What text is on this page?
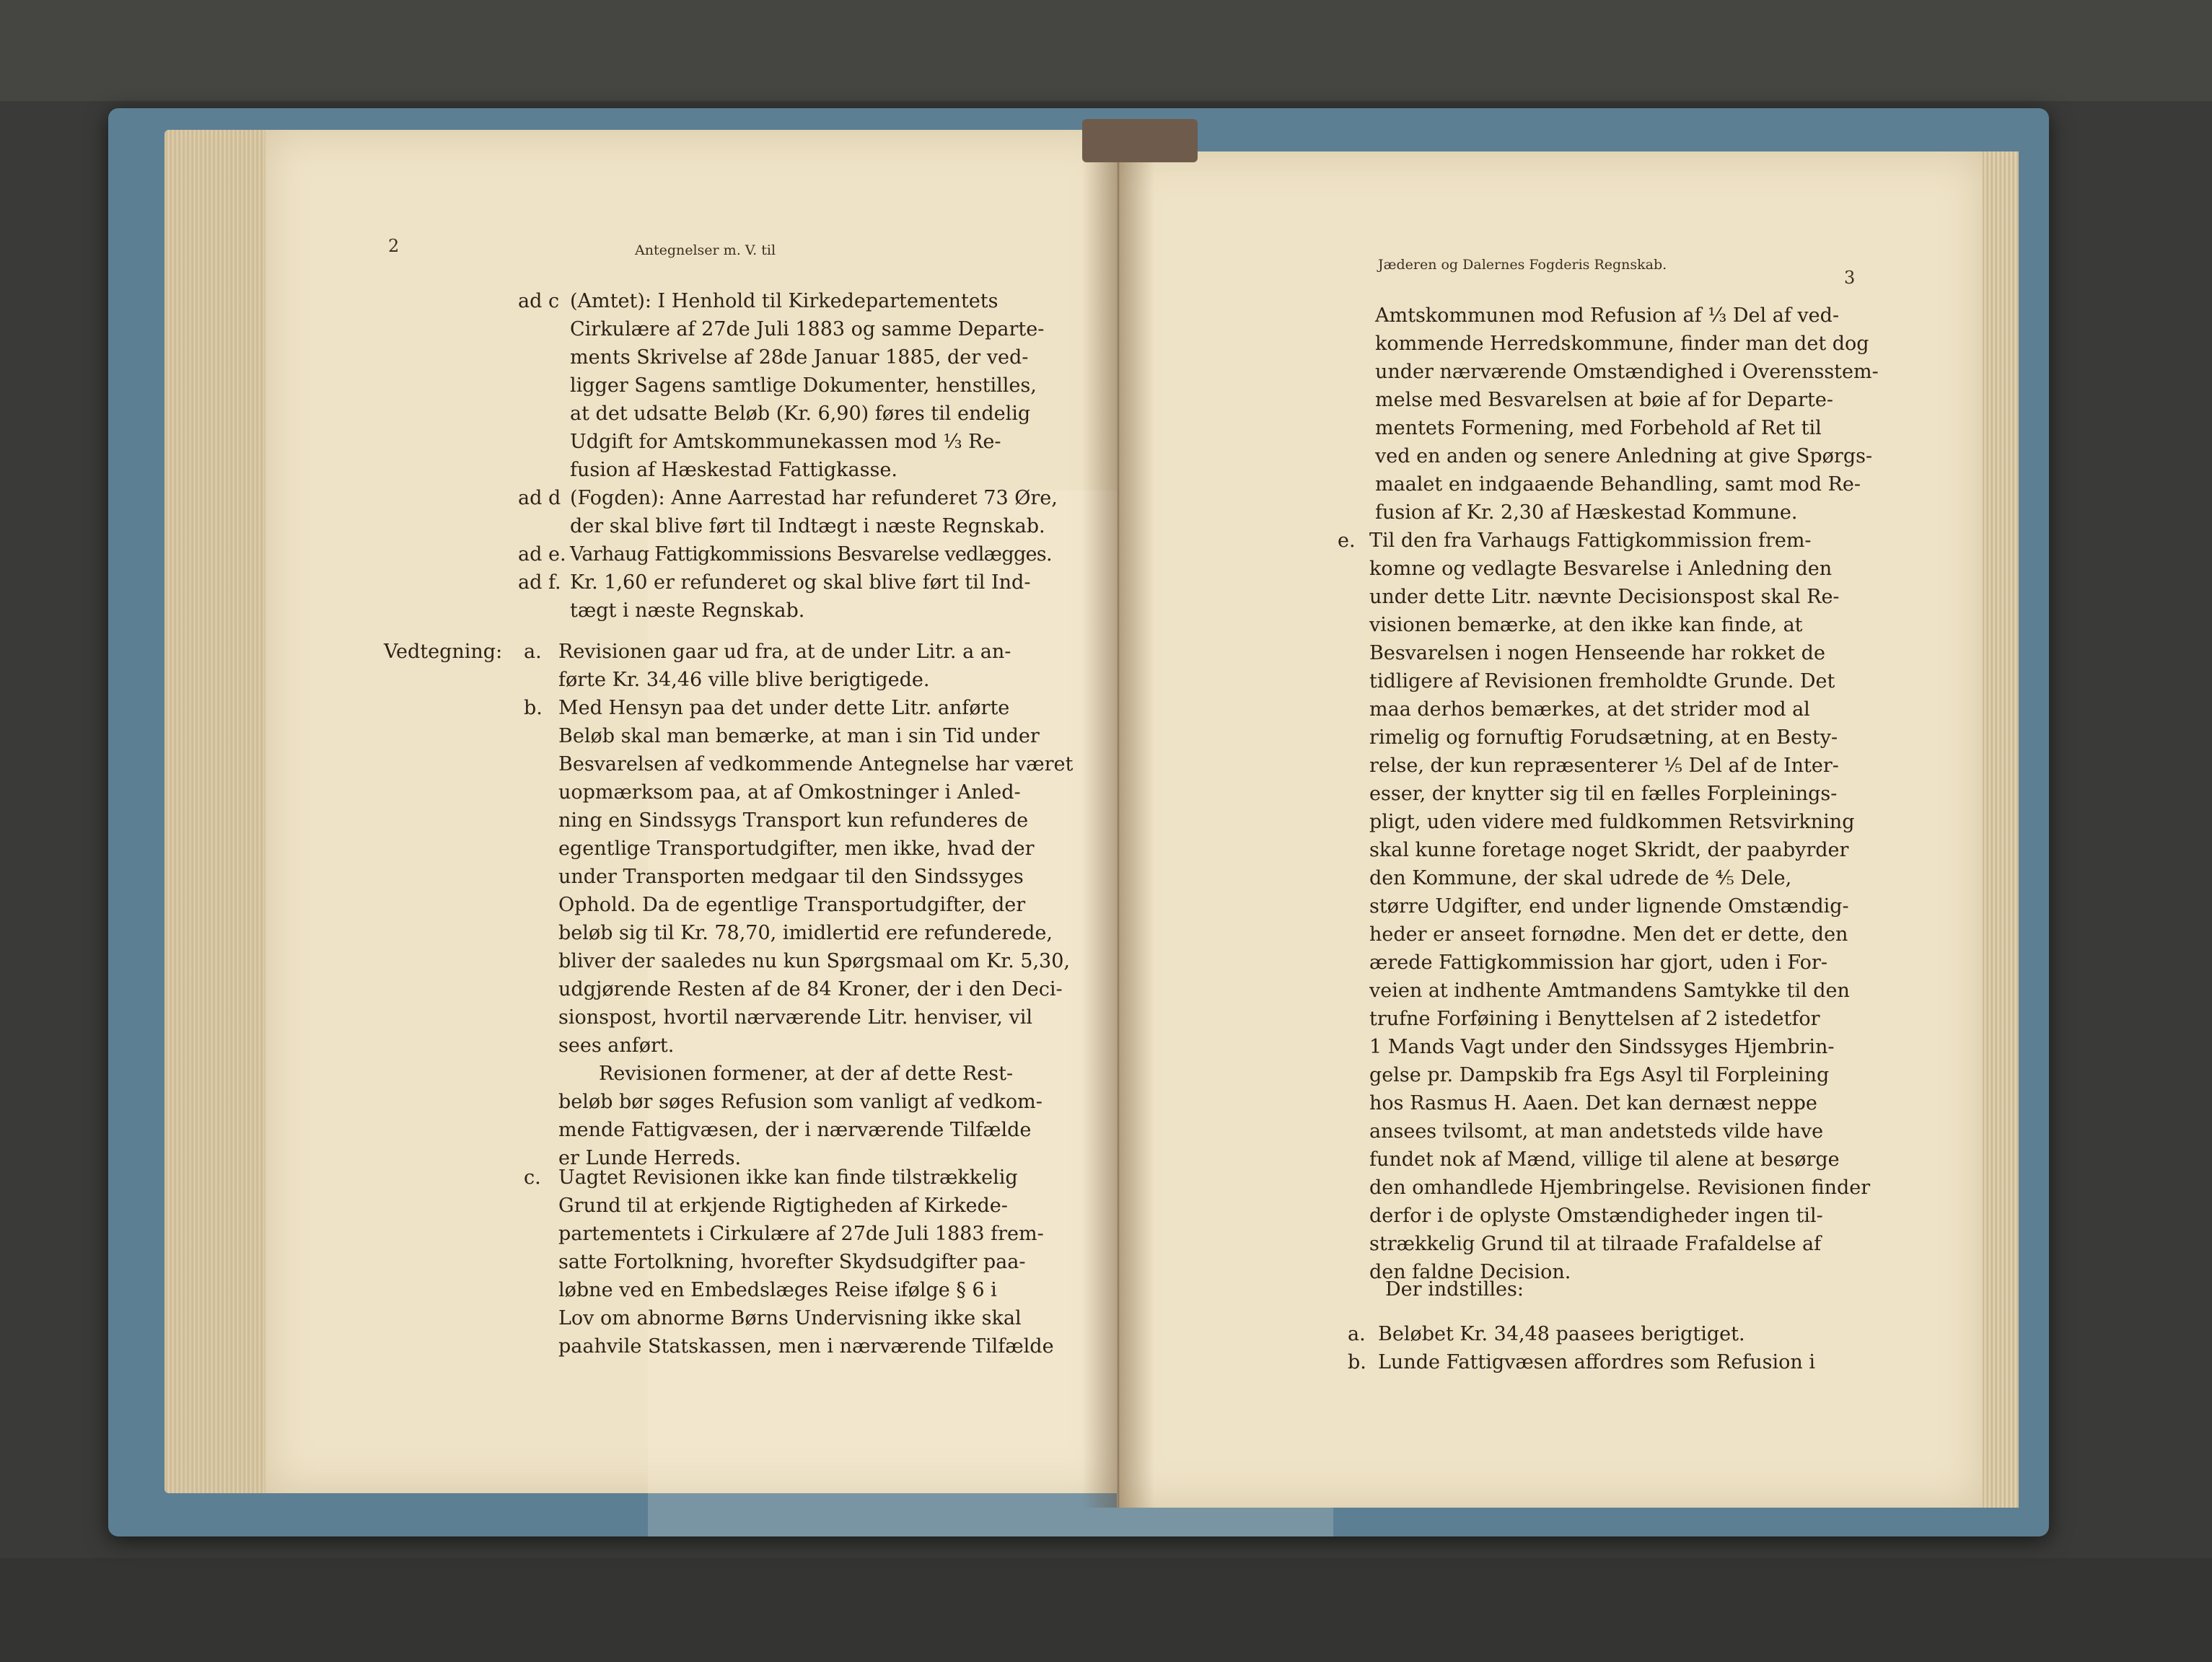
2	Antegnelser m. V. til
ad c (Amtet): I Henhold til Kirkedepartementets
Cirkulære af 27de Juli 1883 og samme Departe-
ments Skrivelse af 28de Januar 1885, der ved-
ligger Sagens samtlige Dokumenter, henstilles,
at det udsatte Beløb (Kr. 6,90) føres til endelig
Udgift for Amtskommunekassen mod ⅓ Re-
fusion af Hæskestad Fattigkasse.
ad d (Fogden): Anne Aarrestad har refunderet 73 Øre,
der skal blive ført til Indtægt i næste Regnskab.
ad e. Varhaug Fattigkommissions Besvarelse vedlægges.
ad f. Kr. 1,60 er refunderet og skal blive ført til Ind-
tægt i næste Regnskab.
Vedtegning: a. Revisionen gaar ud fra, at de under Litr. a an-
førte Kr. 34,46 ville blive berigtigede.
b. Med Hensyn paa det under dette Litr. anførte
Beløb skal man bemærke, at man i sin Tid under
Besvarelsen af vedkommende Antegnelse har været
uopmærksom paa, at af Omkostninger i Anled-
ning en Sindssygs Transport kun refunderes de
egentlige Transportudgifter, men ikke, hvad der
under Transporten medgaar til den Sindssyges
Ophold. Da de egentlige Transportudgifter, der
beløb sig til Kr. 78,70, imidlertid ere refunderede,
bliver der saaledes nu kun Spørgsmaal om Kr. 5,30,
udgjørende Resten af de 84 Kroner, der i den Deci-
sionspost, hvortil nærværende Litr. henviser, vil
sees anført.
Revisionen formener, at der af dette Rest-
beløb bør søges Refusion som vanligt af vedkom-
mende Fattigvæsen, der i nærværende Tilfælde
er Lunde Herreds.
c. Uagtet Revisionen ikke kan finde tilstrækkelig
Grund til at erkjende Rigtigheden af Kirkede-
partementets i Cirkulære af 27de Juli 1883 frem-
satte Fortolkning, hvorefter Skydsudgifter paa-
løbne ved en Embedslæges Reise ifølge § 6 i
Lov om abnorme Børns Undervisning ikke skal
paahvile Statskassen, men i nærværende Tilfælde
Jæderen og Dalernes Fogderis Regnskab.
3
Amtskommunen mod Refusion af ⅓ Del af ved-
kommende Herredskommune, finder man det dog
under nærværende Omstændighed i Overensstem-
melse med Besvarelsen at bøie af for Departe-
mentets Formening, med Forbehold af Ret til
ved en anden og senere Anledning at give Spørgs-
maalet en indgaaende Behandling, samt mod Re-
fusion af Kr. 2,30 af Hæskestad Kommune.
e. Til den fra Varhaugs Fattigkommission frem-
komne og vedlagte Besvarelse i Anledning den
under dette Litr. nævnte Decisionspost skal Re-
visionen bemærke, at den ikke kan finde, at
Besvarelsen i nogen Henseende har rokket de
tidligere af Revisionen fremholdte Grunde. Det
maa derhos bemærkes, at det strider mod al
rimelig og fornuftig Forudsætning, at en Besty-
relse, der kun repræsenterer ⅕ Del af de Inter-
esser, der knytter sig til en fælles Forpleinings-
pligt, uden videre med fuldkommen Retsvirkning
skal kunne foretage noget Skridt, der paabyrder
den Kommune, der skal udrede de ⅘ Dele,
større Udgifter, end under lignende Omstændig-
heder er anseet fornødne. Men det er dette, den
ærede Fattigkommission har gjort, uden i For-
veien at indhente Amtmandens Samtykke til den
trufne Forføining i Benyttelsen af 2 istedetfor
1 Mands Vagt under den Sindssyges Hjembrin-
gelse pr. Dampskib fra Egs Asyl til Forpleining
hos Rasmus H. Aaen. Det kan dernæst neppe
ansees tvilsomt, at man andetsteds vilde have
fundet nok af Mænd, villige til alene at besørge
den omhandlede Hjembringelse. Revisionen finder
derfor i de oplyste Omstændigheder ingen til-
strækkelig Grund til at tilraade Frafaldelse af
den faldne Decision.
Der indstilles:
a. Beløbet Kr. 34,48 paasees berigtiget.
b. Lunde Fattigvæsen affordres som Refusion i
